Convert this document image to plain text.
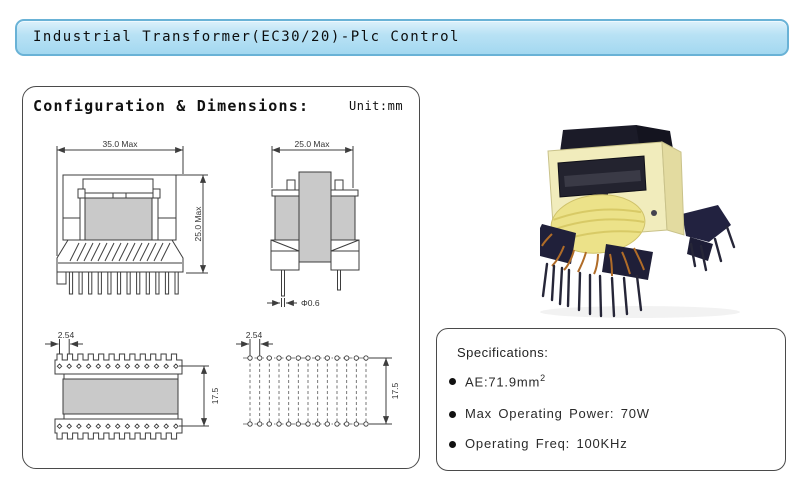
Industrial Transformer(EC30/20)-Plc Control
Configuration & Dimensions:	Unit:mm
35.0 Max
25.0 Max
Φ0.6
25.0 Max
2.54
17.5
2.54
17.5
Specifications:
$AE:71.9mm^2$
Max Operating Power: 70W
Operating Freq: 100KHz
